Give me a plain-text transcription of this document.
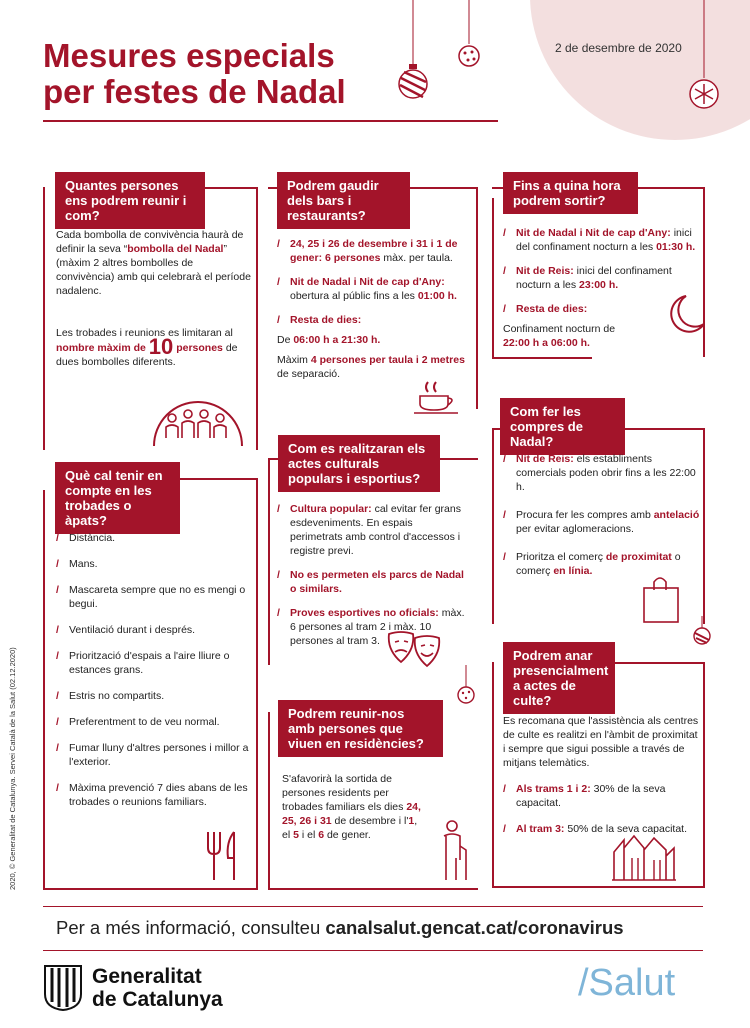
Mesures especials
per festes de Nadal
2 de desembre de 2020
Quantes persones ens podrem reunir i com?

Cada bombolla de convivència haurà de definir la seva “bombolla del Nadal” (màxim 2 altres bombolles de convivència) amb qui celebrarà el període nadalenc.

Les trobades i reunions es limitaran al
nombre màxim de 10 persones de dues bombolles diferents.

Podrem gaudir dels bars i restaurants?
/ 24, 25 i 26 de desembre i 31 i 1 de gener: 6 persones màx. per taula.
/ Nit de Nadal i Nit de cap d'Any: obertura al públic fins a les 01:00 h.
/ Resta de dies:

De 06:00 h a 21:30 h.

Màxim 4 persones per taula i 2 metres de separació.

Fins a quina hora podrem sortir?
/ Nit de Nadal i Nit de cap d'Any: inici del confinament nocturn a les 01:30 h.
/ Nit de Reis: inici del confinament nocturn a les 23:00 h.
/ Resta de dies:

Confinament nocturn de

22:00 h a 06:00 h.

Com fer les compres de Nadal?
/ Nit de Reis: els establiments comercials poden obrir fins a les 22:00 h.
/ Procura fer les compres amb antelació per evitar aglomeracions.
/ Prioritza el comerç de proximitat o comerç en línia.
Què cal tenir en compte en les trobades o àpats?
/ Distància.
/ Mans.
/ Mascareta sempre que no es mengi o begui.
/ Ventilació durant i després.
/ Priorització d'espais a l'aire lliure o estances grans.
/ Estris no compartits.
/ Preferentment to de veu normal.
/ Fumar lluny d'altres persones i millor a l'exterior.
/ Màxima prevenció 7 dies abans de les trobades o reunions familiars.
Com es realitzaran els actes culturals populars i esportius?
/ Cultura popular: cal evitar fer grans esdeveniments. En espais perimetrats amb control d'accessos i registre previ.
/ No es permeten els parcs de Nadal o similars.
/ Proves esportives no oficials: màx. 6 persones al tram 2 i màx. 10 persones al tram 3.
Podrem reunir-nos amb persones que viuen en residències?

S'afavorirà la sortida de persones residents per trobades familiars els dies 24, 25, 26 i 31 de desembre i l'1, el 5 i el 6 de gener.

Podrem anar presencialment a actes de culte?

Es recomana que l'assistència als centres de culte es realitzi en l'àmbit de proximitat i sempre que sigui possible a través de mitjans telemàtics.

/ Als trams 1 i 2: 30% de la seva capacitat.
/ Al tram 3: 50% de la seva capacitat.
2020, © Generalitat de Catalunya. Servei Català de la Salut (02.12.2020)
Per a més informació, consulteu canalsalut.gencat.cat/coronavirus
Generalitat
de Catalunya	/Salut
